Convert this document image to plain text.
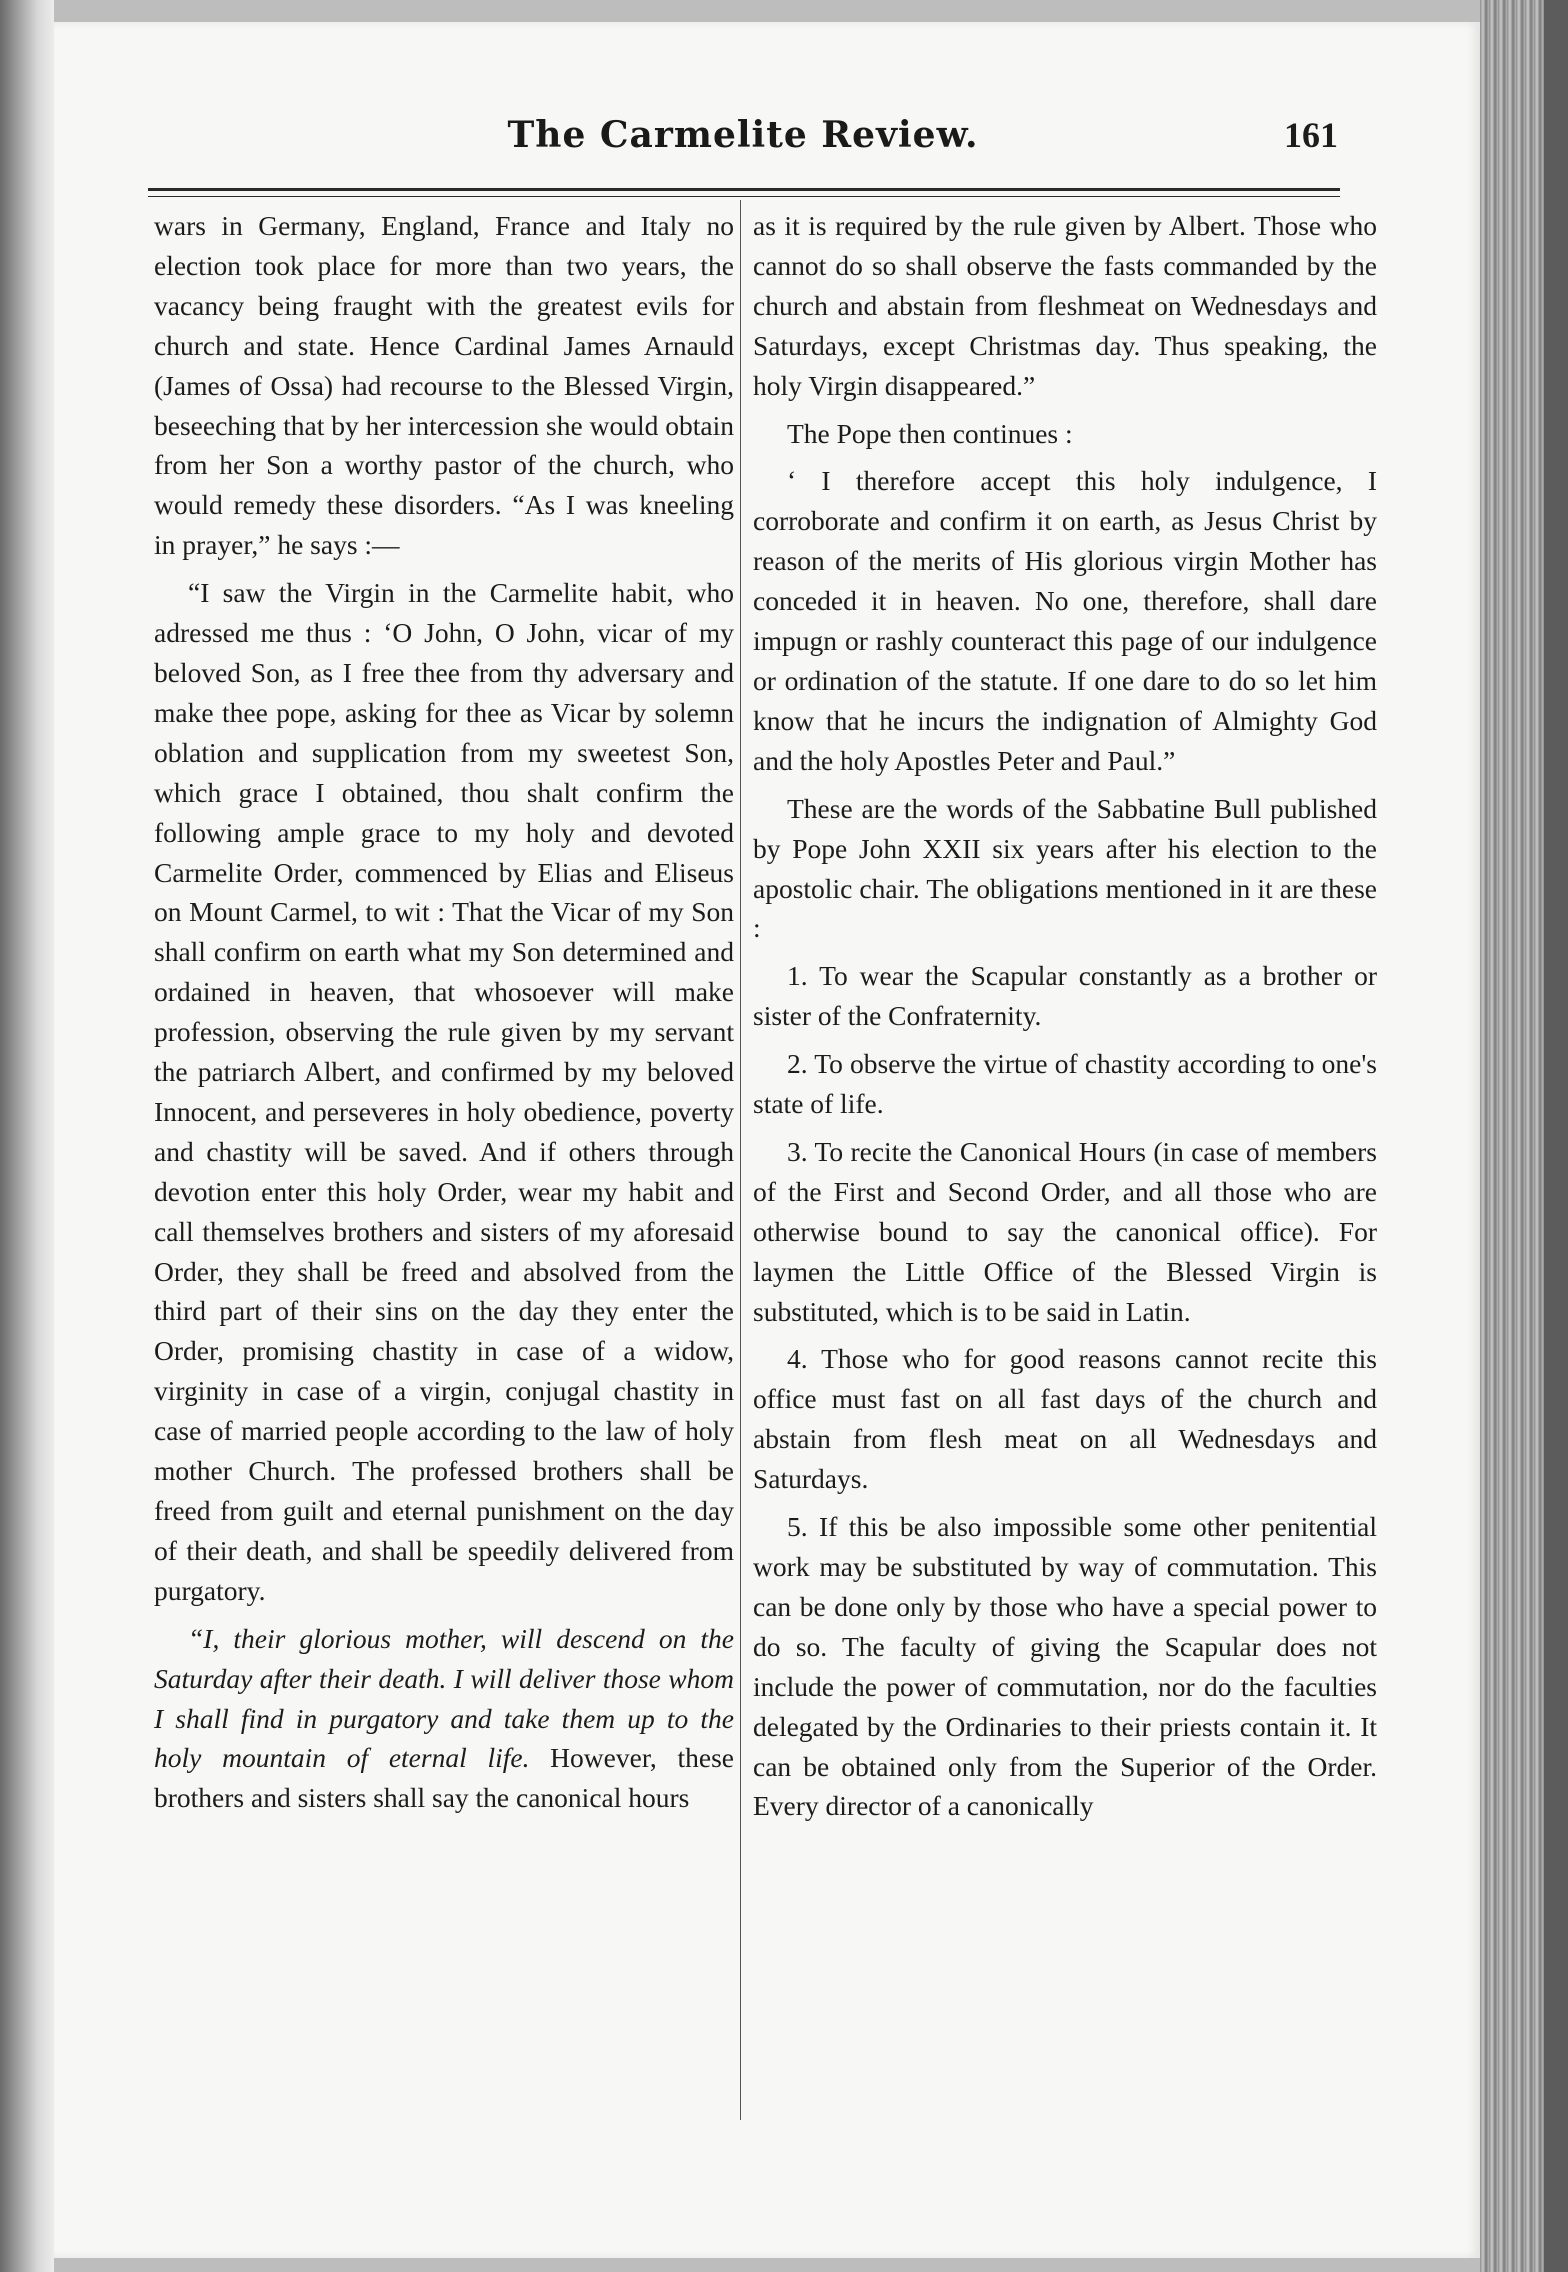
The Carmelite Review.	161

wars in Germany, England, France and Italy no election took place for more than two years, the vacancy being fraught with the greatest evils for church and state. Hence Cardinal James Arnauld (James of Ossa) had recourse to the Blessed Virgin, beseeching that by her intercession she would obtain from her Son a worthy pastor of the church, who would remedy these disorders. “As I was kneeling in prayer,” he says :—

“I saw the Virgin in the Carmelite habit, who adressed me thus : ‘O John, O John, vicar of my beloved Son, as I free thee from thy adversary and make thee pope, asking for thee as Vicar by solemn oblation and supplication from my sweetest Son, which grace I obtained, thou shalt confirm the following ample grace to my holy and devoted Carmelite Order, commenced by Elias and Eliseus on Mount Carmel, to wit : That the Vicar of my Son shall confirm on earth what my Son determined and ordained in heaven, that whosoever will make profession, observing the rule given by my servant the patriarch Albert, and confirmed by my beloved Innocent, and perseveres in holy obedience, poverty and chastity will be saved. And if others through devotion enter this holy Order, wear my habit and call themselves brothers and sisters of my aforesaid Order, they shall be freed and absolved from the third part of their sins on the day they enter the Order, promising chastity in case of a widow, virginity in case of a virgin, conjugal chastity in case of married people according to the law of holy mother Church. The professed brothers shall be freed from guilt and eternal punishment on the day of their death, and shall be speedily delivered from purgatory.

“I, their glorious mother, will descend on the Saturday after their death. I will deliver those whom I shall find in purgatory and take them up to the holy mountain of eternal life. However, these brothers and sisters shall say the canonical hours

as it is required by the rule given by Albert. Those who cannot do so shall observe the fasts commanded by the church and abstain from fleshmeat on Wednesdays and Saturdays, except Christmas day. Thus speaking, the holy Virgin disappeared.”

The Pope then continues :

‘ I therefore accept this holy indulgence, I corroborate and confirm it on earth, as Jesus Christ by reason of the merits of His glorious virgin Mother has conceded it in heaven. No one, therefore, shall dare impugn or rashly counteract this page of our indulgence or ordination of the statute. If one dare to do so let him know that he incurs the indignation of Almighty God and the holy Apostles Peter and Paul.”

These are the words of the Sabbatine Bull published by Pope John XXII six years after his election to the apostolic chair. The obligations mentioned in it are these :

1. To wear the Scapular constantly as a brother or sister of the Confraternity.

2. To observe the virtue of chastity according to one's state of life.

3. To recite the Canonical Hours (in case of members of the First and Second Order, and all those who are otherwise bound to say the canonical office). For laymen the Little Office of the Blessed Virgin is substituted, which is to be said in Latin.

4. Those who for good reasons cannot recite this office must fast on all fast days of the church and abstain from flesh meat on all Wednesdays and Saturdays.

5. If this be also impossible some other penitential work may be substituted by way of commutation. This can be done only by those who have a special power to do so. The faculty of giving the Scapular does not include the power of commutation, nor do the faculties delegated by the Ordinaries to their priests contain it. It can be obtained only from the Superior of the Order. Every director of a canonically
